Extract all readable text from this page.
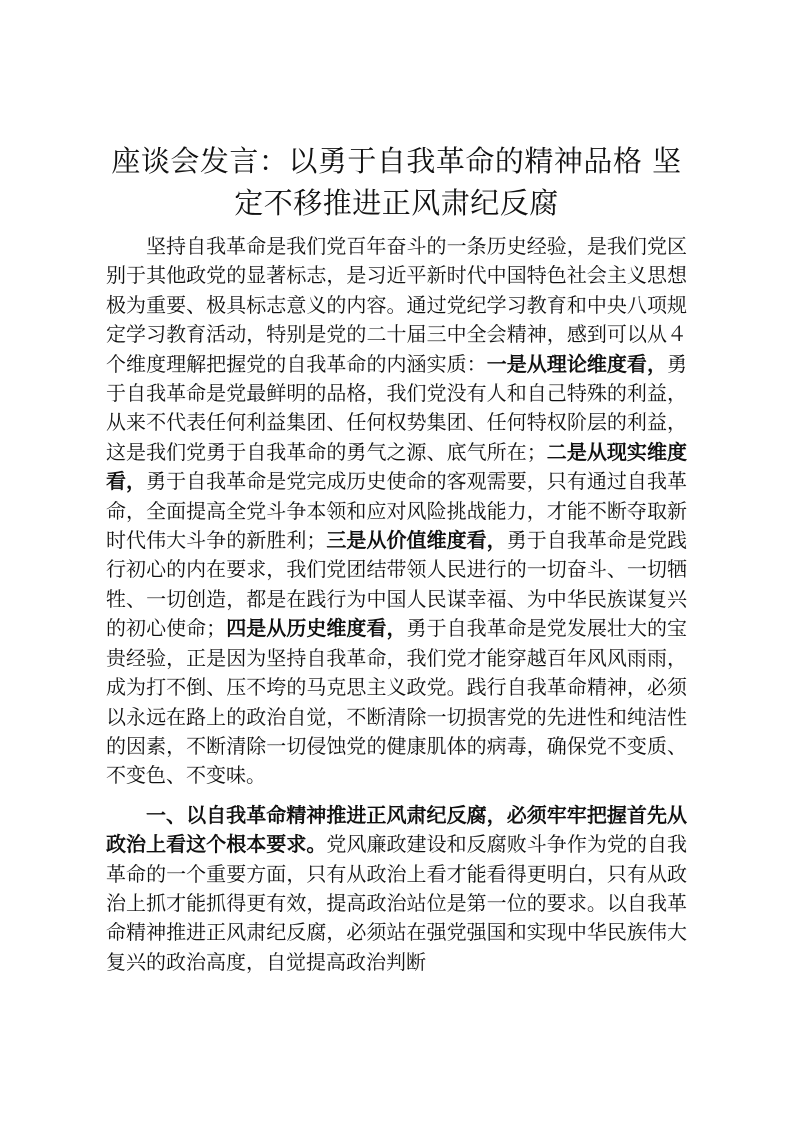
座谈会发言：以勇于自我革命的精神品格 坚定不移推进正风肃纪反腐

坚持自我革命是我们党百年奋斗的一条历史经验，是我们党区别于其他政党的显著标志，是习近平新时代中国特色社会主义思想极为重要、极具标志意义的内容。通过党纪学习教育和中央八项规定学习教育活动，特别是党的二十届三中全会精神，感到可以从４个维度理解把握党的自我革命的内涵实质：一是从理论维度看，勇于自我革命是党最鲜明的品格，我们党没有人和自己特殊的利益，从来不代表任何利益集团、任何权势集团、任何特权阶层的利益，这是我们党勇于自我革命的勇气之源、底气所在；二是从现实维度看，勇于自我革命是党完成历史使命的客观需要，只有通过自我革命，全面提高全党斗争本领和应对风险挑战能力，才能不断夺取新时代伟大斗争的新胜利；三是从价值维度看，勇于自我革命是党践行初心的内在要求，我们党团结带领人民进行的一切奋斗、一切牺牲、一切创造，都是在践行为中国人民谋幸福、为中华民族谋复兴的初心使命；四是从历史维度看，勇于自我革命是党发展壮大的宝贵经验，正是因为坚持自我革命，我们党才能穿越百年风风雨雨，成为打不倒、压不垮的马克思主义政党。践行自我革命精神，必须以永远在路上的政治自觉，不断清除一切损害党的先进性和纯洁性的因素，不断清除一切侵蚀党的健康肌体的病毒，确保党不变质、不变色、不变味。

一、以自我革命精神推进正风肃纪反腐，必须牢牢把握首先从政治上看这个根本要求。党风廉政建设和反腐败斗争作为党的自我革命的一个重要方面，只有从政治上看才能看得更明白，只有从政治上抓才能抓得更有效，提高政治站位是第一位的要求。以自我革命精神推进正风肃纪反腐，必须站在强党强国和实现中华民族伟大复兴的政治高度，自觉提高政治判断
